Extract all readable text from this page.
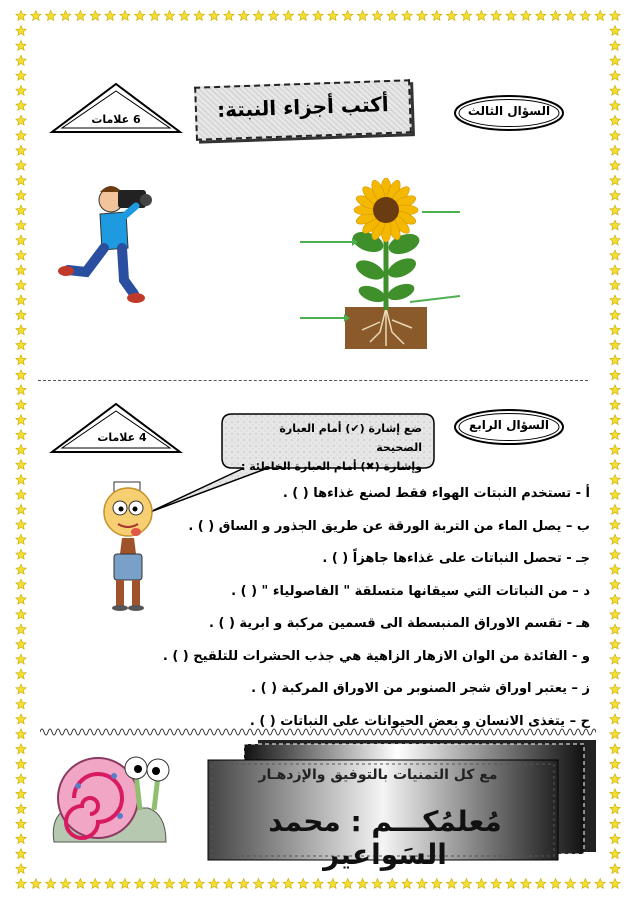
السؤال الثالث
أكتب أجزاء النبتة:
6 علامات
السؤال الرابع
4 علامات
ضع إشارة (✔) أمام العبارة الصحيحة
وإشارة (✖) أمام العبارة الخاطئة :
أ - تستخدم النبتات الهواء فقط لصنع غذاءها ( ) .
ب – يصل الماء من التربة الورقة عن طريق الجذور و الساق ( ) .
جـ - تحصل النباتات على غذاءها جاهزاً ( ) .
د – من النباتات التي سيقانها متسلقة " الفاصولياء " ( ) .
هـ - تقسم الاوراق المنبسطة الى قسمين مركبة و ابرية ( ) .
و - الفائدة من الوان الازهار الزاهية هي جذب الحشرات للتلقيح ( ) .
ز – يعتبر اوراق شجر الصنوبر من الاوراق المركبة ( ) .
ح – يتغذى الانسان و بعض الحيوانات على النباتات ( ) .
مع كل التمنيات بالتوفيق والإزدهـار
مُعلمُكـــم : محمد السَواعير
